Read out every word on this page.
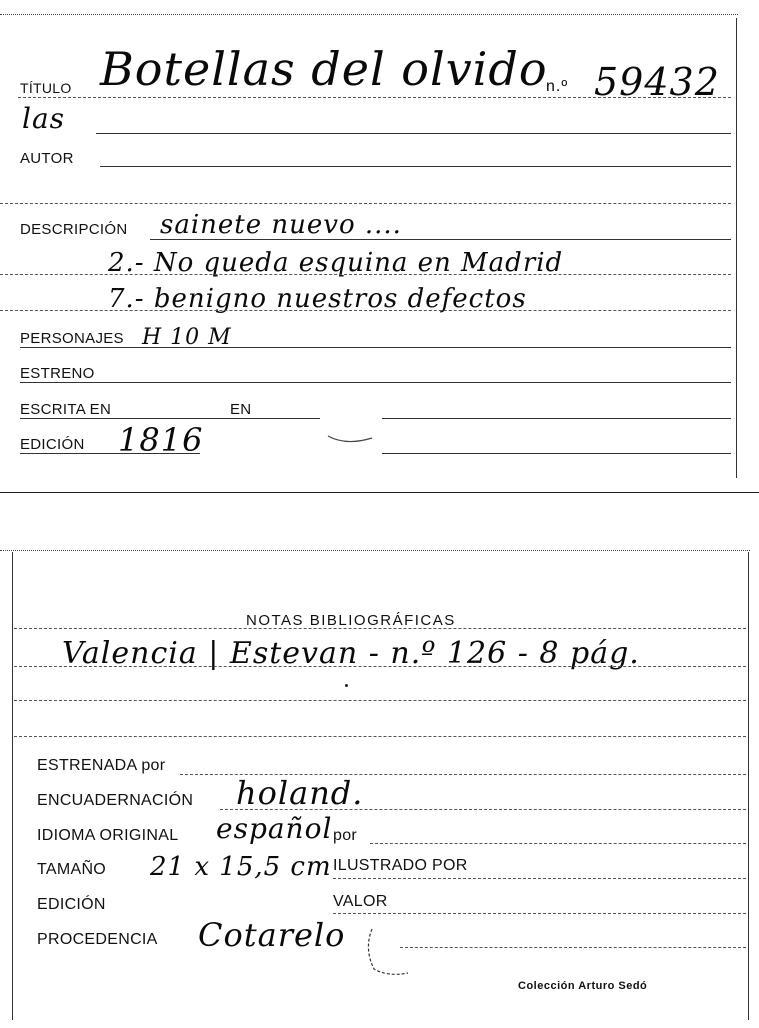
TÍTULO Botellas del olvido
n.º 59432
las
AUTOR
DESCRIPCIÓN sainete nuevo ....
2.- No queda esquina en Madrid
7.- benigno nuestros defectos
PERSONAJES H 10 M
ESTRENO
ESCRITA EN	EN
EDICIÓN 1816
NOTAS BIBLIOGRÁFICAS
Valencia | Estevan - n.º 126 - 8 pág.
ESTRENADA por
ENCUADERNACIÓN holand.
IDIOMA ORIGINAL español por
TAMAÑO 21 x 15,5 cm ILUSTRADO POR
EDICIÓN	VALOR
PROCEDENCIA Cotarelo
Colección Arturo Sedó
